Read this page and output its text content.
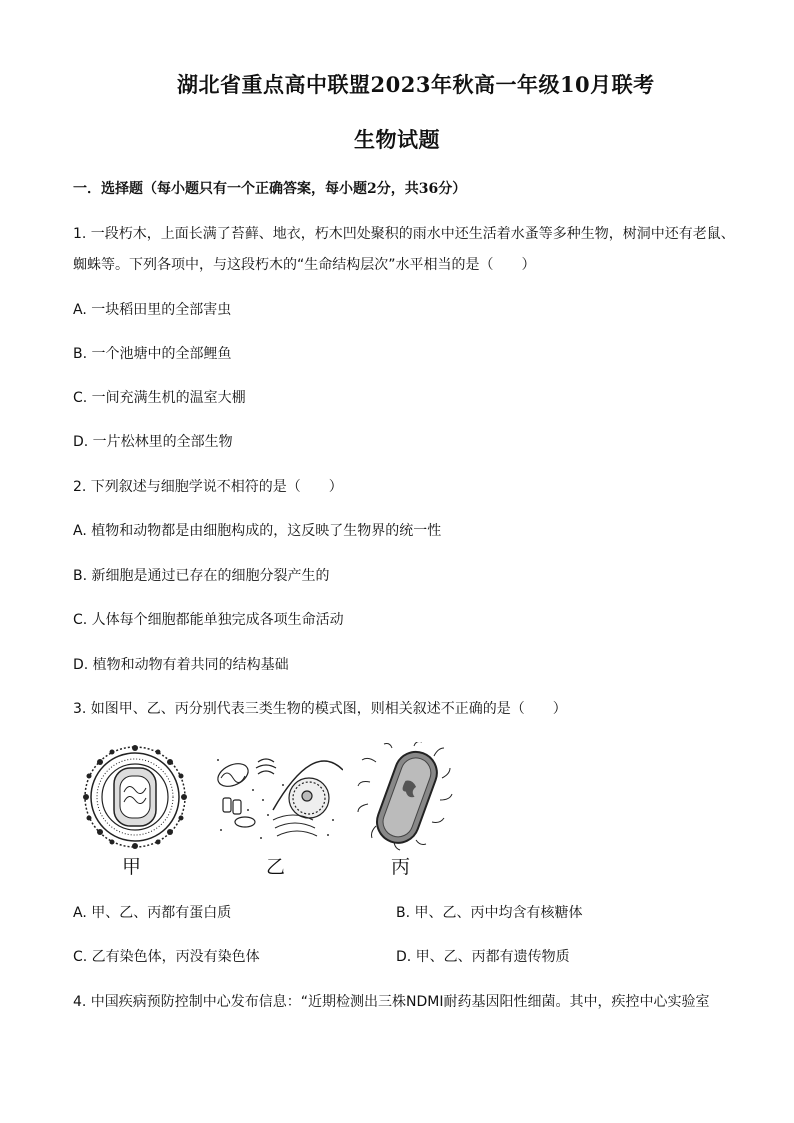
湖北省重点高中联盟2023年秋高一年级10月联考
生物试题
一．选择题（每小题只有一个正确答案，每小题2分，共36分）
1. 一段朽木，上面长满了苔藓、地衣，朽木凹处聚积的雨水中还生活着水蚤等多种生物，树洞中还有老鼠、
蜘蛛等。下列各项中，与这段朽木的“生命结构层次”水平相当的是（　　）
A. 一块稻田里的全部害虫
B. 一个池塘中的全部鲤鱼
C. 一间充满生机的温室大棚
D. 一片松林里的全部生物
2. 下列叙述与细胞学说不相符的是（　　）
A. 植物和动物都是由细胞构成的，这反映了生物界的统一性
B. 新细胞是通过已存在的细胞分裂产生的
C. 人体每个细胞都能单独完成各项生命活动
D. 植物和动物有着共同的结构基础
3. 如图甲、乙、丙分别代表三类生物的模式图，则相关叙述不正确的是（　　）
甲	乙	丙
A. 甲、乙、丙都有蛋白质	B. 甲、乙、丙中均含有核糖体
C. 乙有染色体，丙没有染色体	D. 甲、乙、丙都有遗传物质
4. 中国疾病预防控制中心发布信息：“近期检测出三株NDMI耐药基因阳性细菌。其中，疾控中心实验室
